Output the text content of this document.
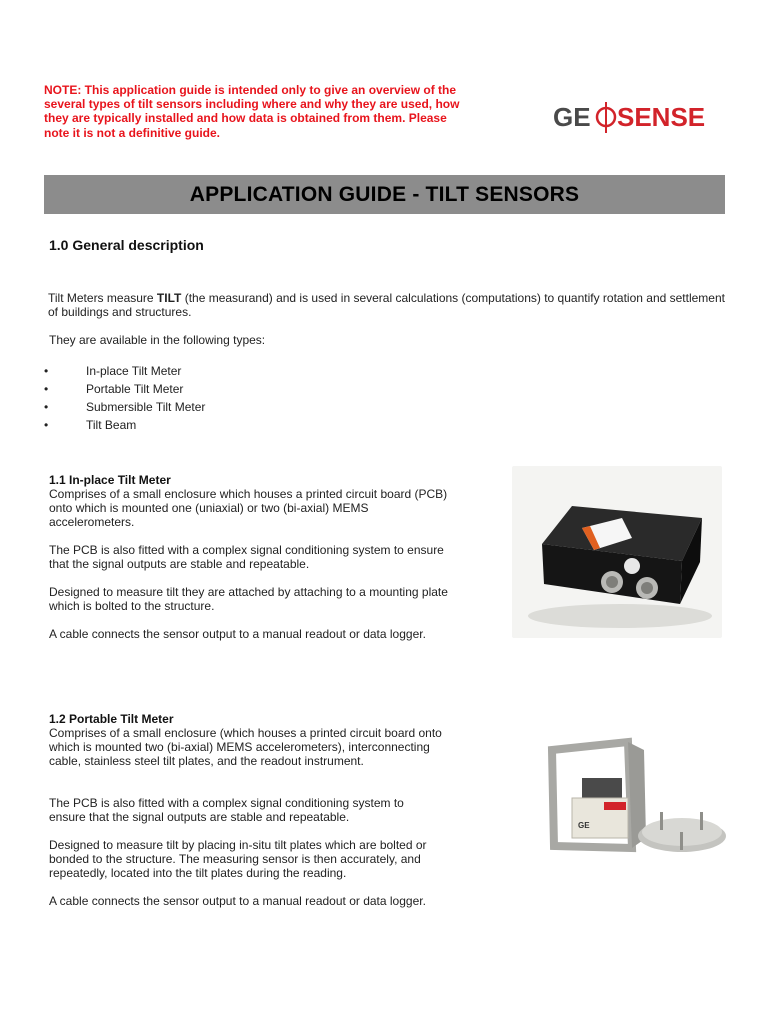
NOTE: This application guide is intended only to give an overview of the several types of tilt sensors including where and why they are used, how they are typically installed and how data is obtained from them. Please note it is not a definitive guide.
GE SENSE
APPLICATION GUIDE - TILT SENSORS
1.0 General description
Tilt Meters measure TILT (the measurand) and is used in several calculations (computations) to quantify rotation and settlement of buildings and structures.
They are available in the following types:
•	In-place Tilt Meter
•	Portable Tilt Meter
•	Submersible Tilt Meter
•	Tilt Beam
1.1 In-place Tilt Meter
Comprises of a small enclosure which houses a printed circuit board (PCB) onto which is mounted one (uniaxial) or two (bi-axial) MEMS accelerometers.
The PCB is also fitted with a complex signal conditioning system to ensure that the signal outputs are stable and repeatable.
Designed to measure tilt they are attached by attaching to a mounting plate which is bolted to the structure.
A cable connects the sensor output to a manual readout or data logger.
1.2 Portable Tilt Meter
Comprises of a small enclosure (which houses a printed circuit board onto which is mounted two (bi-axial) MEMS accelerometers), interconnecting cable, stainless steel tilt plates, and the readout instrument.
The PCB is also fitted with a complex signal conditioning system to ensure that the signal outputs are stable and repeatable.
Designed to measure tilt by placing in-situ tilt plates which are bolted or bonded to the structure. The measuring sensor is then accurately, and repeatedly, located into the tilt plates during the reading.
A cable connects the sensor output to a manual readout or data logger.
GE
